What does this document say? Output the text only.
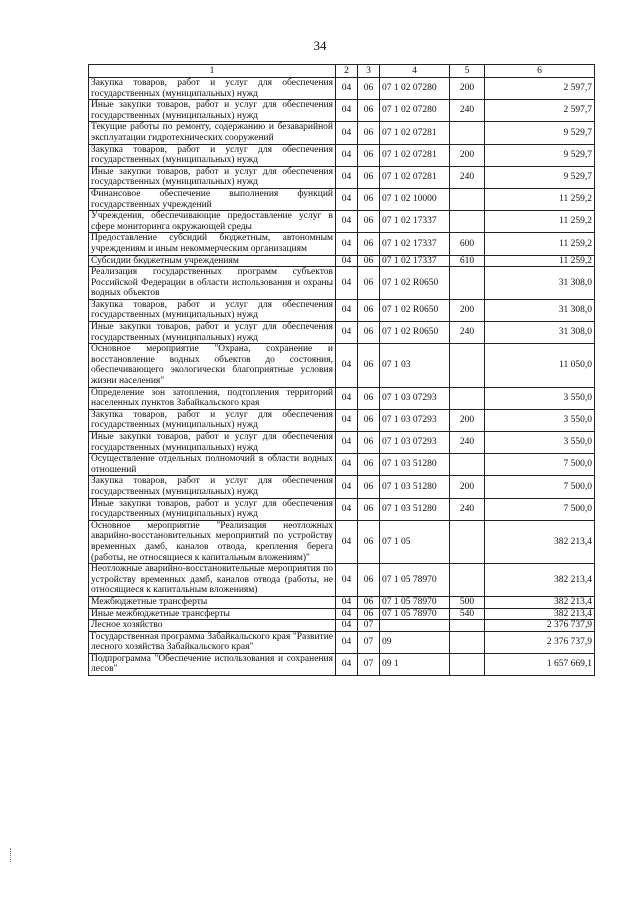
34
1	2	3	4	5	6
Закупка товаров, работ и услуг для обеспечения государственных (муниципальных) нужд	04	06	07 1 02 07280	200	2 597,7
Иные закупки товаров, работ и услуг для обеспечения государственных (муниципальных) нужд	04	06	07 1 02 07280	240	2 597,7
Текущие работы по ремонту, содержанию и безаварийной эксплуатации гидротехнических сооружений	04	06	07 1 02 07281		9 529,7
Закупка товаров, работ и услуг для обеспечения государственных (муниципальных) нужд	04	06	07 1 02 07281	200	9 529,7
Иные закупки товаров, работ и услуг для обеспечения государственных (муниципальных) нужд	04	06	07 1 02 07281	240	9 529,7
Финансовое обеспечение выполнения функций государственных учреждений	04	06	07 1 02 10000		11 259,2
Учреждения, обеспечивающие предоставление услуг в сфере мониторинга окружающей среды	04	06	07 1 02 17337		11 259,2
Предоставление субсидий бюджетным, автономным учреждениям и иным некоммерческим организациям	04	06	07 1 02 17337	600	11 259,2
Субсидии бюджетным учреждениям	04	06	07 1 02 17337	610	11 259,2
Реализация государственных программ субъектов Российской Федерации в области использования и охраны водных объектов	04	06	07 1 02 R0650		31 308,0
Закупка товаров, работ и услуг для обеспечения государственных (муниципальных) нужд	04	06	07 1 02 R0650	200	31 308,0
Иные закупки товаров, работ и услуг для обеспечения государственных (муниципальных) нужд	04	06	07 1 02 R0650	240	31 308,0
Основное мероприятие "Охрана, сохранение и восстановление водных объектов до состояния, обеспечивающего экологически благоприятные условия жизни населения"	04	06	07 1 03		11 050,0
Определение зон затопления, подтопления территорий населенных пунктов Забайкальского края	04	06	07 1 03 07293		3 550,0
Закупка товаров, работ и услуг для обеспечения государственных (муниципальных) нужд	04	06	07 1 03 07293	200	3 550,0
Иные закупки товаров, работ и услуг для обеспечения государственных (муниципальных) нужд	04	06	07 1 03 07293	240	3 550,0
Осуществление отдельных полномочий в области водных отношений	04	06	07 1 03 51280		7 500,0
Закупка товаров, работ и услуг для обеспечения государственных (муниципальных) нужд	04	06	07 1 03 51280	200	7 500,0
Иные закупки товаров, работ и услуг для обеспечения государственных (муниципальных) нужд	04	06	07 1 03 51280	240	7 500,0
Основное мероприятие "Реализация неотложных аварийно-восстановительных мероприятий по устройству временных дамб, каналов отвода, крепления берега (работы, не относящиеся к капитальным вложениям)"	04	06	07 1 05		382 213,4
Неотложные аварийно-восстановительные мероприятия по устройству временных дамб, каналов отвода (работы, не относящиеся к капитальным вложениям)	04	06	07 1 05 78970		382 213,4
Межбюджетные трансферты	04	06	07 1 05 78970	500	382 213,4
Иные межбюджетные трансферты	04	06	07 1 05 78970	540	382 213,4
Лесное хозяйство	04	07			2 376 737,9
Государственная программа Забайкальского края "Развитие лесного хозяйства Забайкальского края"	04	07	09		2 376 737,9
Подпрограмма "Обеспечение использования и сохранения лесов"	04	07	09 1		1 657 669,1
